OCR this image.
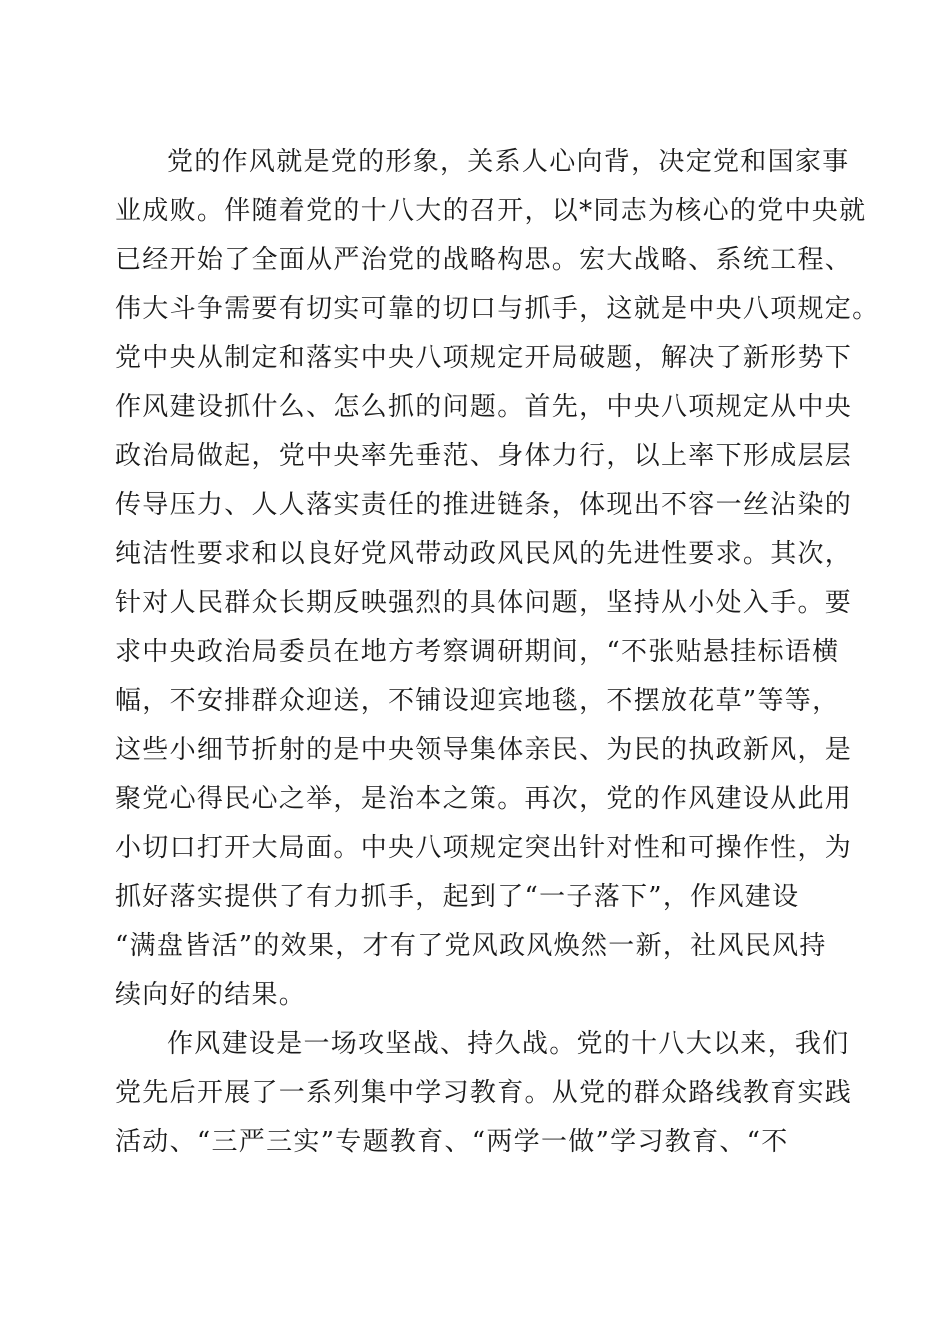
党的作风就是党的形象，关系人心向背，决定党和国家事
业成败。伴随着党的十八大的召开，以*同志为核心的党中央就
已经开始了全面从严治党的战略构思。宏大战略、系统工程、
伟大斗争需要有切实可靠的切口与抓手，这就是中央八项规定。
党中央从制定和落实中央八项规定开局破题，解决了新形势下
作风建设抓什么、怎么抓的问题。首先，中央八项规定从中央
政治局做起，党中央率先垂范、身体力行，以上率下形成层层
传导压力、人人落实责任的推进链条，体现出不容一丝沾染的
纯洁性要求和以良好党风带动政风民风的先进性要求。其次，
针对人民群众长期反映强烈的具体问题，坚持从小处入手。要
求中央政治局委员在地方考察调研期间，“不张贴悬挂标语横
幅，不安排群众迎送，不铺设迎宾地毯，不摆放花草”等等，
这些小细节折射的是中央领导集体亲民、为民的执政新风，是
聚党心得民心之举，是治本之策。再次，党的作风建设从此用
小切口打开大局面。中央八项规定突出针对性和可操作性，为
抓好落实提供了有力抓手，起到了“一子落下”，作风建设
“满盘皆活”的效果，才有了党风政风焕然一新，社风民风持
续向好的结果。
作风建设是一场攻坚战、持久战。党的十八大以来，我们
党先后开展了一系列集中学习教育。从党的群众路线教育实践
活动、“三严三实”专题教育、“两学一做”学习教育、“不
